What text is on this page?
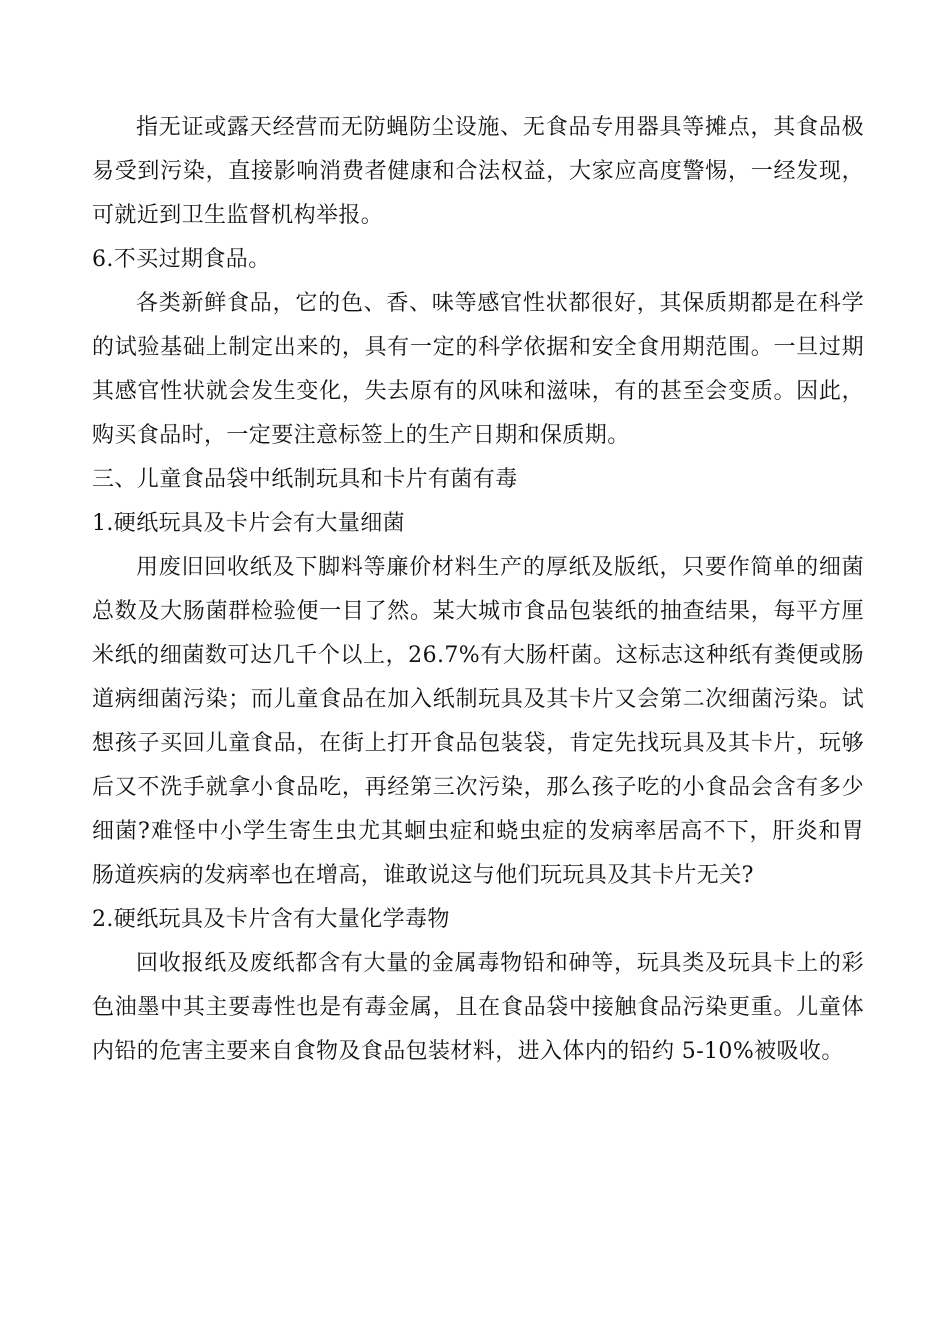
指无证或露天经营而无防蝇防尘设施、无食品专用器具等摊点，其食品极易受到污染，直接影响消费者健康和合法权益，大家应高度警惕，一经发现，可就近到卫生监督机构举报。

6.不买过期食品。

各类新鲜食品，它的色、香、味等感官性状都很好，其保质期都是在科学的试验基础上制定出来的，具有一定的科学依据和安全食用期范围。一旦过期其感官性状就会发生变化，失去原有的风味和滋味，有的甚至会变质。因此，购买食品时，一定要注意标签上的生产日期和保质期。

三、儿童食品袋中纸制玩具和卡片有菌有毒

1.硬纸玩具及卡片会有大量细菌

用废旧回收纸及下脚料等廉价材料生产的厚纸及版纸，只要作简单的细菌总数及大肠菌群检验便一目了然。某大城市食品包装纸的抽查结果，每平方厘米纸的细菌数可达几千个以上，26.7%有大肠杆菌。这标志这种纸有粪便或肠道病细菌污染；而儿童食品在加入纸制玩具及其卡片又会第二次细菌污染。试想孩子买回儿童食品，在街上打开食品包装袋，肯定先找玩具及其卡片，玩够后又不洗手就拿小食品吃，再经第三次污染，那么孩子吃的小食品会含有多少细菌?难怪中小学生寄生虫尤其蛔虫症和蛲虫症的发病率居高不下，肝炎和胃肠道疾病的发病率也在增高，谁敢说这与他们玩玩具及其卡片无关?

2.硬纸玩具及卡片含有大量化学毒物

回收报纸及废纸都含有大量的金属毒物铅和砷等，玩具类及玩具卡上的彩色油墨中其主要毒性也是有毒金属，且在食品袋中接触食品污染更重。儿童体内铅的危害主要来自食物及食品包装材料，进入体内的铅约 5-10%被吸收。
